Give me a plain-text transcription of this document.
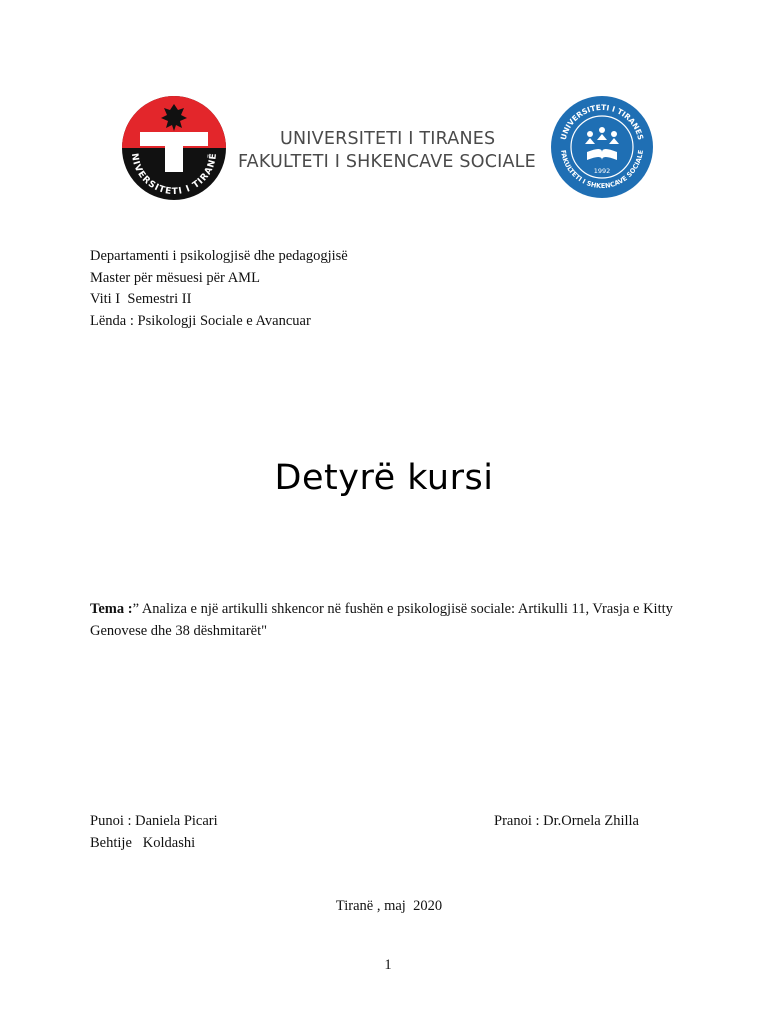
NIVERSITETI I TIRANË
UNIVERSITETI I TIRANES
FAKULTETI I SHKENCAVE SOCIALE
UNIVERSITETI I TIRANES
FAKULTETI I SHKENCAVE SOCIALE
1992
Departamenti i psikologjisë dhe pedagogjisë
Master për mësuesi për AML
Viti I  Semestri II
Lënda : Psikologji Sociale e Avancuar
Detyrë kursi
Tema :” Analiza e një artikulli shkencor në fushën e psikologjisë sociale: Artikulli 11, Vrasja e Kitty Genovese dhe 38 dëshmitarët"
Punoi : Daniela Picari
Behtije   Koldashi
Pranoi : Dr.Ornela Zhilla
Tiranë , maj  2020
1
